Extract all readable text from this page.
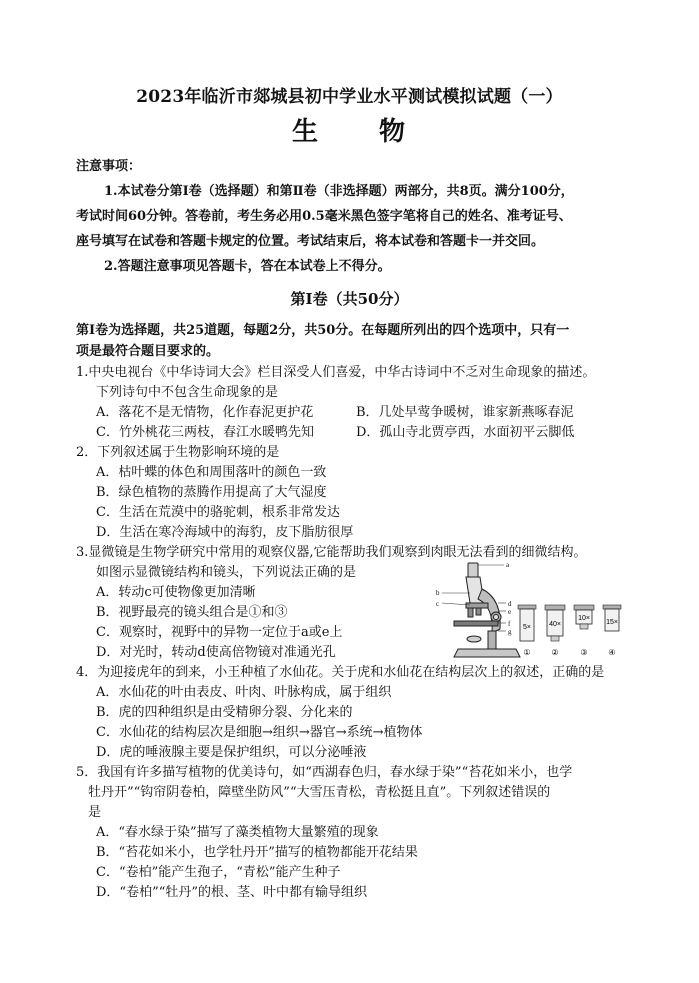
2023年临沂市郯城县初中学业水平测试模拟试题（一）
生 物
注意事项：
1.本试卷分第Ⅰ卷（选择题）和第Ⅱ卷（非选择题）两部分，共8页。满分100分，
考试时间60分钟。答卷前，考生务必用0.5毫米黑色签字笔将自己的姓名、准考证号、
座号填写在试卷和答题卡规定的位置。考试结束后，将本试卷和答题卡一并交回。
2.答题注意事项见答题卡，答在本试卷上不得分。
第Ⅰ卷（共50分）
第Ⅰ卷为选择题，共25道题，每题2分，共50分。在每题所列出的四个选项中，只有一
项是最符合题目要求的。
1.中央电视台《中华诗词大会》栏目深受人们喜爱，中华古诗词中不乏对生命现象的描述。
下列诗句中不包含生命现象的是
A．落花不是无情物，化作春泥更护花	B．几处早莺争暖树，谁家新燕啄春泥
C．竹外桃花三两枝，春江水暖鸭先知	D．孤山寺北贾亭西，水面初平云脚低
2．下列叙述属于生物影响环境的是
A．枯叶蝶的体色和周围落叶的颜色一致
B．绿色植物的蒸腾作用提高了大气湿度
C．生活在荒漠中的骆驼刺，根系非常发达
D．生活在寒冷海域中的海豹，皮下脂肪很厚
3.显微镜是生物学研究中常用的观察仪器,它能帮助我们观察到肉眼无法看到的细微结构。
如图示显微镜结构和镜头，下列说法正确的是
A．转动c可使物像更加清晰
B．视野最亮的镜头组合是①和③
C．观察时，视野中的异物一定位于a或e上
D．对光时，转动d使高倍物镜对准通光孔
a
b
c	d
e
f
g
5×
①
40×
②
10×
③
15×
④
4．为迎接虎年的到来，小王种植了水仙花。关于虎和水仙花在结构层次上的叙述，正确的是
A．水仙花的叶由表皮、叶肉、叶脉构成，属于组织
B．虎的四种组织是由受精卵分裂、分化来的
C．水仙花的结构层次是细胞→组织→器官→系统→植物体
D．虎的唾液腺主要是保护组织，可以分泌唾液
5．我国有许多描写植物的优美诗句，如“西湖春色归，春水绿于染”“苔花如米小，也学
牡丹开”“钩帘阴卷柏，障壁坐防风”“大雪压青松，青松挺且直”。下列叙述错误的
是
A．“春水绿于染”描写了藻类植物大量繁殖的现象
B．“苔花如米小，也学牡丹开”描写的植物都能开花结果
C．“卷柏”能产生孢子，“青松”能产生种子
D．“卷柏”“牡丹”的根、茎、叶中都有输导组织
